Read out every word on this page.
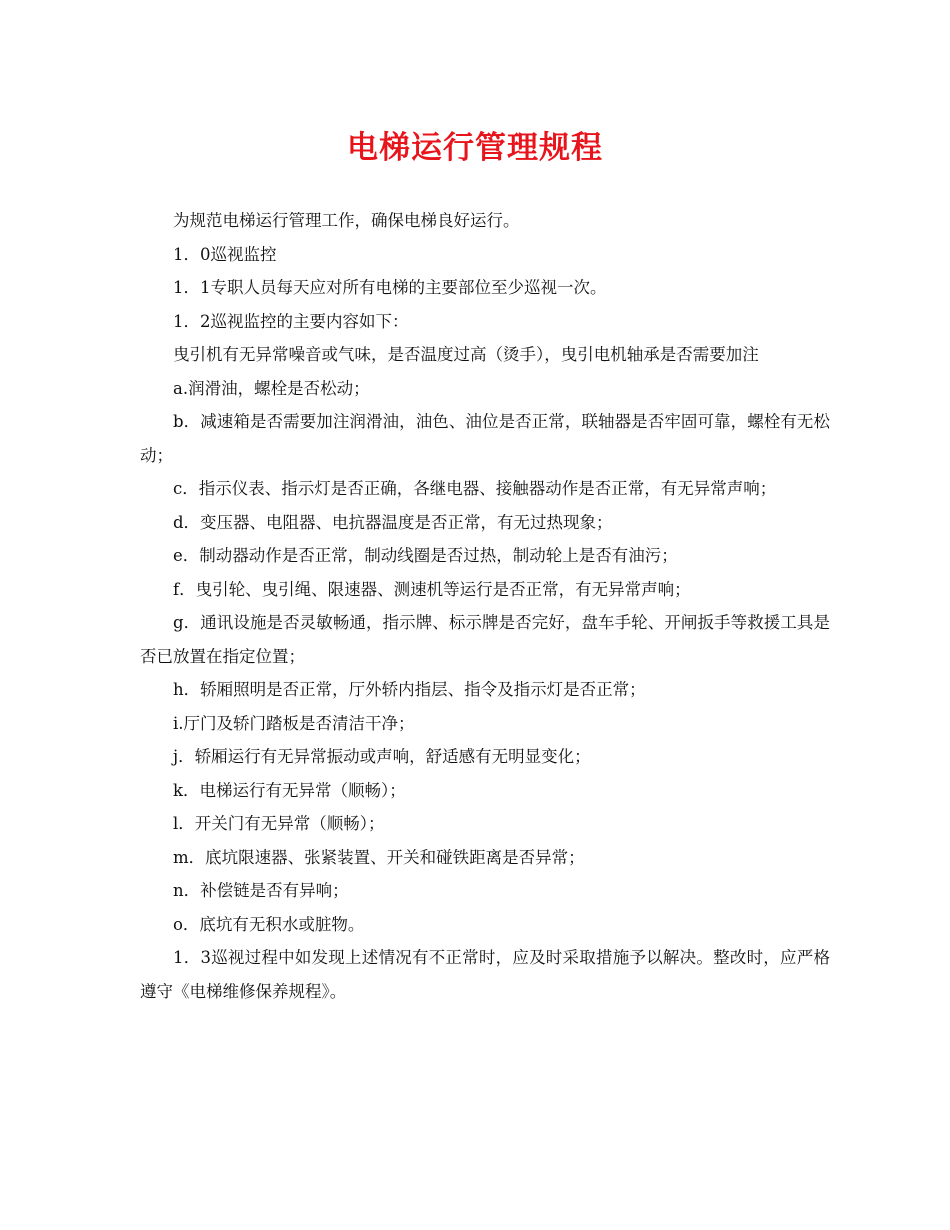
电梯运行管理规程

为规范电梯运行管理工作，确保电梯良好运行。

1．0巡视监控

1．1专职人员每天应对所有电梯的主要部位至少巡视一次。

1．2巡视监控的主要内容如下：

曳引机有无异常噪音或气味，是否温度过高（烫手），曳引电机轴承是否需要加注

a.润滑油，螺栓是否松动；

b．减速箱是否需要加注润滑油，油色、油位是否正常，联轴器是否牢固可靠，螺栓有无松动；

c．指示仪表、指示灯是否正确，各继电器、接触器动作是否正常，有无异常声响；

d．变压器、电阻器、电抗器温度是否正常，有无过热现象；

e．制动器动作是否正常，制动线圈是否过热，制动轮上是否有油污；

f．曳引轮、曳引绳、限速器、测速机等运行是否正常，有无异常声响；

g．通讯设施是否灵敏畅通，指示牌、标示牌是否完好，盘车手轮、开闸扳手等救援工具是否已放置在指定位置；

h．轿厢照明是否正常，厅外轿内指层、指令及指示灯是否正常；

i.厅门及轿门踏板是否清洁干净；

j．轿厢运行有无异常振动或声响，舒适感有无明显变化；

k．电梯运行有无异常（顺畅）；

l．开关门有无异常（顺畅）；

m．底坑限速器、张紧装置、开关和碰铁距离是否异常；

n．补偿链是否有异响；

o．底坑有无积水或脏物。

1．3巡视过程中如发现上述情况有不正常时，应及时采取措施予以解决。整改时，应严格遵守《电梯维修保养规程》。
